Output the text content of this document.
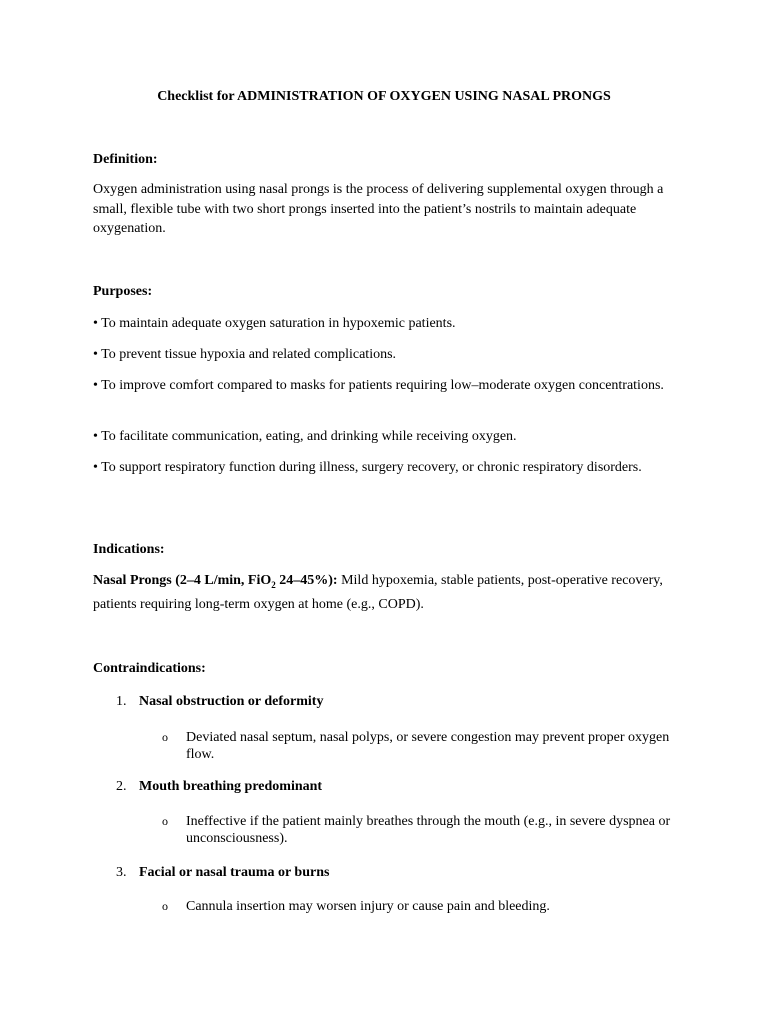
Checklist for ADMINISTRATION OF OXYGEN USING NASAL PRONGS
Definition:
Oxygen administration using nasal prongs is the process of delivering supplemental oxygen through a small, flexible tube with two short prongs inserted into the patient’s nostrils to maintain adequate oxygenation.
Purposes:
• To maintain adequate oxygen saturation in hypoxemic patients.
• To prevent tissue hypoxia and related complications.
• To improve comfort compared to masks for patients requiring low–moderate oxygen concentrations.
• To facilitate communication, eating, and drinking while receiving oxygen.
• To support respiratory function during illness, surgery recovery, or chronic respiratory disorders.
Indications:
Nasal Prongs (2–4 L/min, FiO$_2$ 24–45%): Mild hypoxemia, stable patients, post-operative recovery, patients requiring long-term oxygen at home (e.g., COPD).
Contraindications:
1. Nasal obstruction or deformity
o Deviated nasal septum, nasal polyps, or severe congestion may prevent proper oxygen flow.
2. Mouth breathing predominant
o Ineffective if the patient mainly breathes through the mouth (e.g., in severe dyspnea or unconsciousness).
3. Facial or nasal trauma or burns
o Cannula insertion may worsen injury or cause pain and bleeding.
